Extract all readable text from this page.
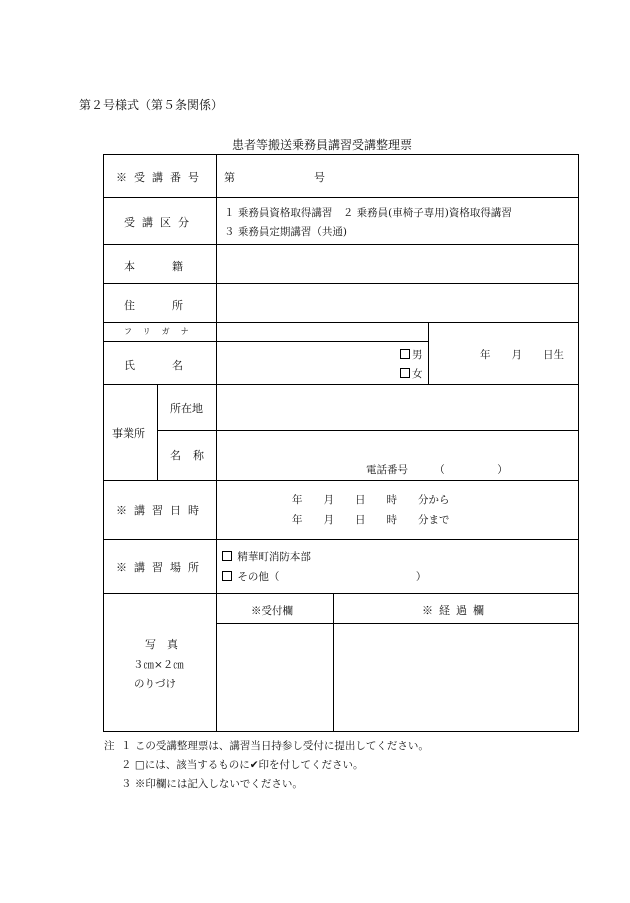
第２号様式（第５条関係）
患者等搬送乗務員講習受講整理票
※受講番号 第	号
受講区分
１ 乗務員資格取得講習　２ 乗務員(車椅子専用)資格取得講習
３ 乗務員定期講習（共通)
本籍
住所
フリガナ
氏名
男
女
年　　月　　日生
事業所
所在地
名称
電話番号　　　（　　　　　）
※講習日時
年　　月　　日　　時　　分から
年　　月　　日　　時　　分まで
※講習場所
精華町消防本部
その他（　　　　　　　　　　　　　）
写　真
３㎝×２㎝
のりづけ
※受付欄	※経過欄
注 １ この受講整理票は、講習当日持参し受付に提出してください。
２ □には、該当するものに✔印を付してください。
３ ※印欄には記入しないでください。
